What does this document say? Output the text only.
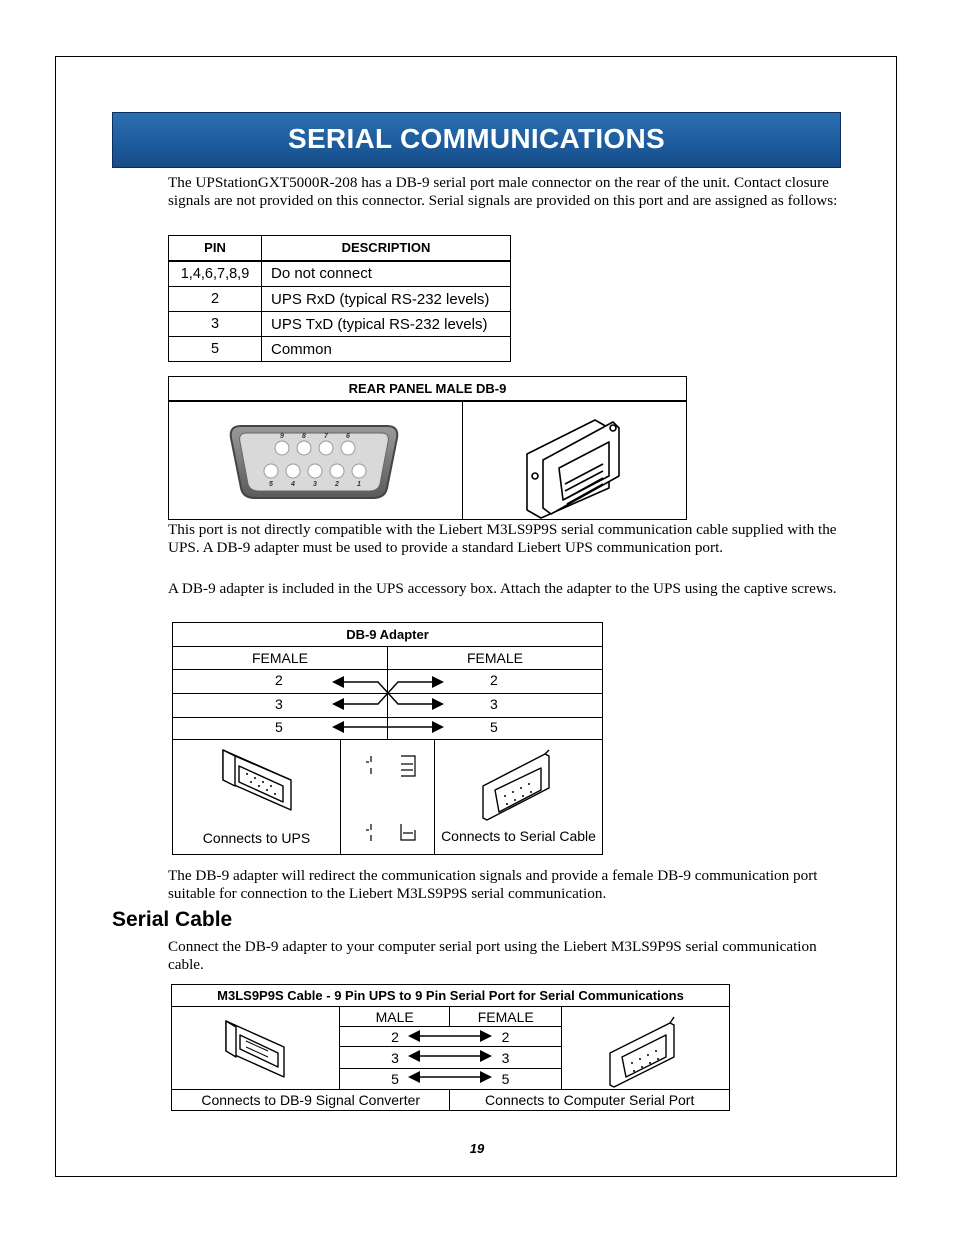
SERIAL COMMUNICATIONS

The UPStationGXT5000R-208 has a DB-9 serial port male connector on the rear of the unit. Contact closure signals are not provided on this connector. Serial signals are provided on this port and are assigned as follows:

PIN	DESCRIPTION
1,4,6,7,8,9	Do not connect
2	UPS RxD (typical RS-232 levels)
3	UPS TxD (typical RS-232 levels)
5	Common
REAR PANEL MALE DB-9

9	8	7	6
5	4	3	2	1

This port is not directly compatible with the Liebert M3LS9P9S serial communication cable supplied with the UPS. A DB-9 adapter must be used to provide a standard Liebert UPS communication port.

A DB-9 adapter is included in the UPS accessory box. Attach the adapter to the UPS using the captive screws.

DB-9 Adapter			
FEMALE		FEMALE	

2		2	

3		3	

5		5	

Connects to UPS			Connects to Serial Cable

The DB-9 adapter will redirect the communication signals and provide a female DB-9 communication port suitable for connection to the Liebert M3LS9P9S serial communication.

Serial Cable

Connect the DB-9 adapter to your computer serial port using the Liebert M3LS9P9S serial communication cable.

M3LS9P9S Cable - 9 Pin UPS to 9 Pin Serial Port for Serial Communications			

	MALE	FEMALE	

	2	2	
	3	3	
	5	5	
Connects to DB-9 Signal Converter		Connects to Computer Serial Port	
19
